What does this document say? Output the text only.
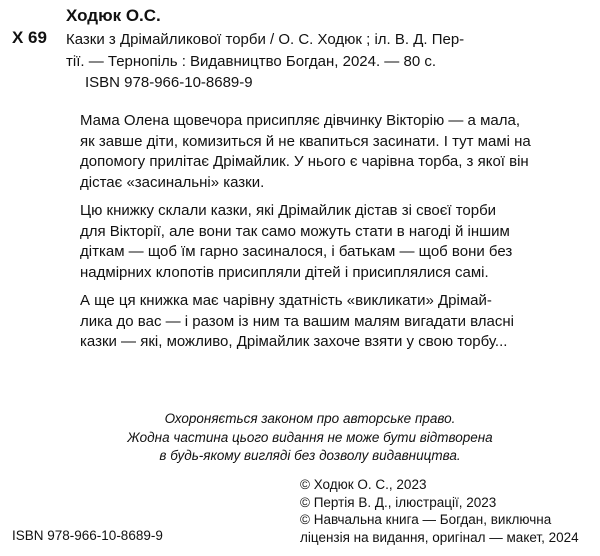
Ходюк О.С.
Х 69 Казки з Дрімайликової торби / О. С. Ходюк ; іл. В. Д. Пер-
тії. — Тернопіль : Видавництво Богдан, 2024. — 80 с.
ISBN 978-966-10-8689-9

Мама Олена щовечора присипляє дівчинку Вікторію — а мала,
як завше діти, комизиться й не квапиться засинати. І тут мамі на
допомогу прилітає Дрімайлик. У нього є чарівна торба, з якої він
дістає «засинальні» казки.

Цю книжку склали казки, які Дрімайлик дістав зі своєї торби
для Вікторії, але вони так само можуть стати в нагоді й іншим
діткам — щоб їм гарно засиналося, і батькам — щоб вони без
надмірних клопотів присипляли дітей і присиплялися самі.

А ще ця книжка має чарівну здатність «викликати» Дрімай-
лика до вас — і разом із ним та вашим малям вигадати власні
казки — які, можливо, Дрімайлик захоче взяти у свою торбу...

Охороняється законом про авторське право.
Жодна частина цього видання не може бути відтворена
в будь-якому вигляді без дозволу видавництва.
ISBN 978-966-10-8689-9
© Ходюк О. С., 2023
© Пертія В. Д., ілюстрації, 2023
© Навчальна книга — Богдан, виключна
ліцензія на видання, оригінал — макет, 2024
